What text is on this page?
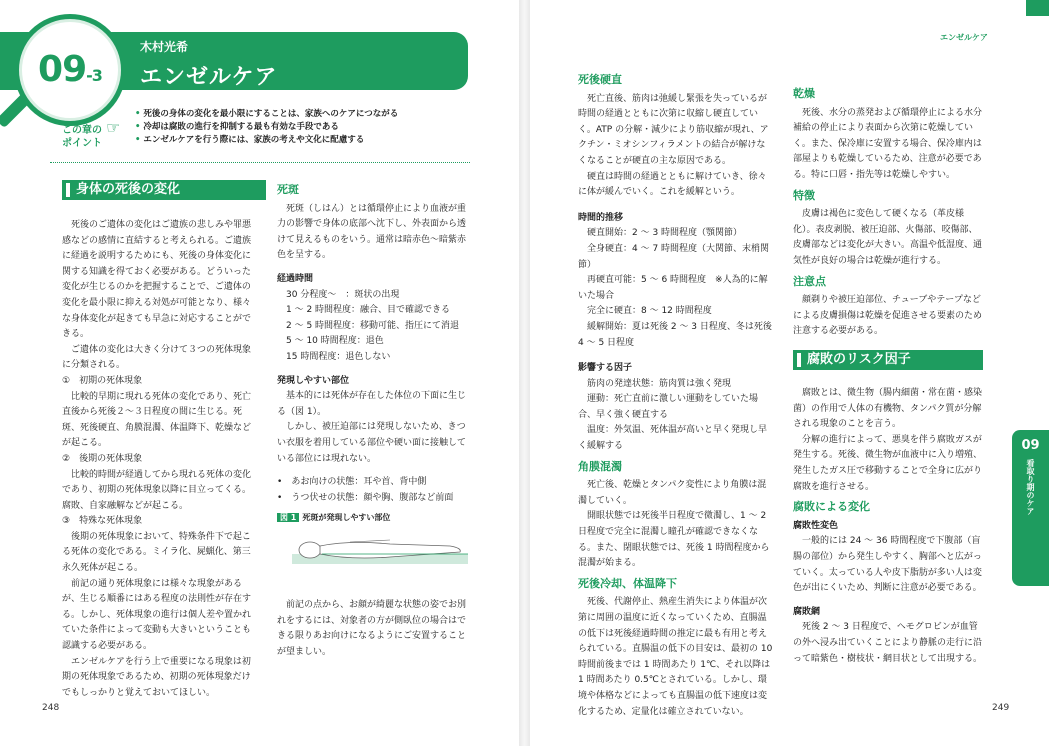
09-3
木村光希
エンゼルケア
この章の
ポイント
☞
• 死後の身体の変化を最小限にすることは、家族へのケアにつながる
• 冷却は腐敗の進行を抑制する最も有効な手段である
• エンゼルケアを行う際には、家族の考えや文化に配慮する
身体の死後の変化

死後のご遺体の変化はご遺族の悲しみや罪悪感などの感情に直結すると考えられる。ご遺族に経過を説明するためにも、死後の身体変化に関する知識を得ておく必要がある。どういった変化が生じるのかを把握することで、ご遺体の変化を最小限に抑える対処が可能となり、様々な身体変化が起きても早急に対応することができる。

ご遺体の変化は大きく分けて３つの死体現象に分類される。

①　初期の死体現象

比較的早期に現れる死体の変化であり、死亡直後から死後２～３日程度の間に生じる。死斑、死後硬直、角膜混濁、体温降下、乾燥などが起こる。

②　後期の死体現象

比較的時間が経過してから現れる死体の変化であり、初期の死体現象以降に目立ってくる。腐敗、自家融解などが起こる。

③　特殊な死体現象

後期の死体現象において、特殊条件下で起こる死体の変化である。ミイラ化、屍蝋化、第三永久死体が起こる。

前記の通り死体現象には様々な現象があるが、生じる順番にはある程度の法則性が存在する。しかし、死体現象の進行は個人差や置かれていた条件によって変動も大きいということも認識する必要がある。

エンゼルケアを行う上で重要になる現象は初期の死体現象であるため、初期の死体現象だけでもしっかりと覚えておいてほしい。

死斑

死斑（しはん）とは循環停止により血液が重力の影響で身体の底部へ沈下し、外表面から透けて見えるものをいう。通常は暗赤色～暗紫赤色を呈する。

経過時間

30 分程度～　：斑状の出現

1 ～ 2 時間程度：融合、目で確認できる

2 ～ 5 時間程度：移動可能、指圧にて消退

5 ～ 10 時間程度：退色

15 時間程度：退色しない

発現しやすい部位

基本的には死体が存在した体位の下面に生じる（図 1）。

しかし、被圧迫部には発現しないため、きつい衣服を着用している部位や硬い面に接触している部位には現れない。

•　あお向けの状態：耳や首、背中側

•　うつ伏せの状態：顔や胸、腹部など前面

図 1 死斑が発現しやすい部位

前記の点から、お顔が綺麗な状態の姿でお別れをするには、対象者の方が側臥位の場合はできる限りあお向けになるようにご安置することが望ましい。

死後硬直

死亡直後、筋肉は弛緩し緊張を失っているが時間の経過とともに次第に収縮し硬直していく。ATP の分解・減少により筋収縮が現れ、アクチン・ミオシンフィラメントの結合が解けなくなることが硬直の主な原因である。

硬直は時間の経過とともに解けていき、徐々に体が緩んでいく。これを緩解という。

時間的推移

硬直開始：2 ～ 3 時間程度（顎関節）

全身硬直：4 ～ 7 時間程度（大関節、末梢関節）

再硬直可能：5 ～ 6 時間程度　※人為的に解いた場合

完全に硬直：8 ～ 12 時間程度

緩解開始：夏は死後 2 ～ 3 日程度、冬は死後 4 ～ 5 日程度

影響する因子

筋肉の発達状態：筋肉質は強く発現

運動：死亡直前に激しい運動をしていた場合、早く強く硬直する

温度：外気温、死体温が高いと早く発現し早く緩解する

角膜混濁

死亡後、乾燥とタンパク変性により角膜は混濁していく。

開眼状態では死後半日程度で微濁し、1 ～ 2 日程度で完全に混濁し瞳孔が確認できなくなる。また、閉眼状態では、死後 1 時間程度から混濁が始まる。

死後冷却、体温降下

死後、代謝停止、熱産生消失により体温が次第に周囲の温度に近くなっていくため、直腸温の低下は死後経過時間の推定に最も有用と考えられている。直腸温の低下の目安は、最初の 10 時間前後までは 1 時間あたり 1℃、それ以降は 1 時間あたり 0.5℃とされている。しかし、環境や体格などによっても直腸温の低下速度は変化するため、定量化は確立されていない。

乾燥

死後、水分の蒸発および循環停止による水分補給の停止により表面から次第に乾燥していく。また、保冷庫に安置する場合、保冷庫内は部屋よりも乾燥しているため、注意が必要である。特に口唇・指先等は乾燥しやすい。

特徴

皮膚は褐色に変色して硬くなる（革皮様化）。表皮剥脱、被圧迫部、火傷部、咬傷部、皮膚部などは変化が大きい。高温や低湿度、通気性が良好の場合は乾燥が進行する。

注意点

顔剃りや被圧迫部位、チューブやテープなどによる皮膚損傷は乾燥を促進させる要素のため注意する必要がある。

腐敗のリスク因子

腐敗とは、微生物（腸内細菌・常在菌・感染菌）の作用で人体の有機物、タンパク質が分解される現象のことを言う。

分解の進行によって、悪臭を伴う腐敗ガスが発生する。死後、微生物が血液中に入り増殖、発生したガス圧で移動することで全身に広がり腐敗を進行させる。

腐敗による変化

腐敗性変色

一般的には 24 ～ 36 時間程度で下腹部（盲腸の部位）から発生しやすく、胸部へと広がっていく。太っている人や皮下脂肪が多い人は変色が出にくいため、判断に注意が必要である。

腐敗網

死後 2 ～ 3 日程度で、ヘモグロビンが血管の外へ浸み出ていくことにより静脈の走行に沿って暗紫色・樹枝状・網目状として出現する。

エンゼルケア
09
看取り期のケア
248	249
